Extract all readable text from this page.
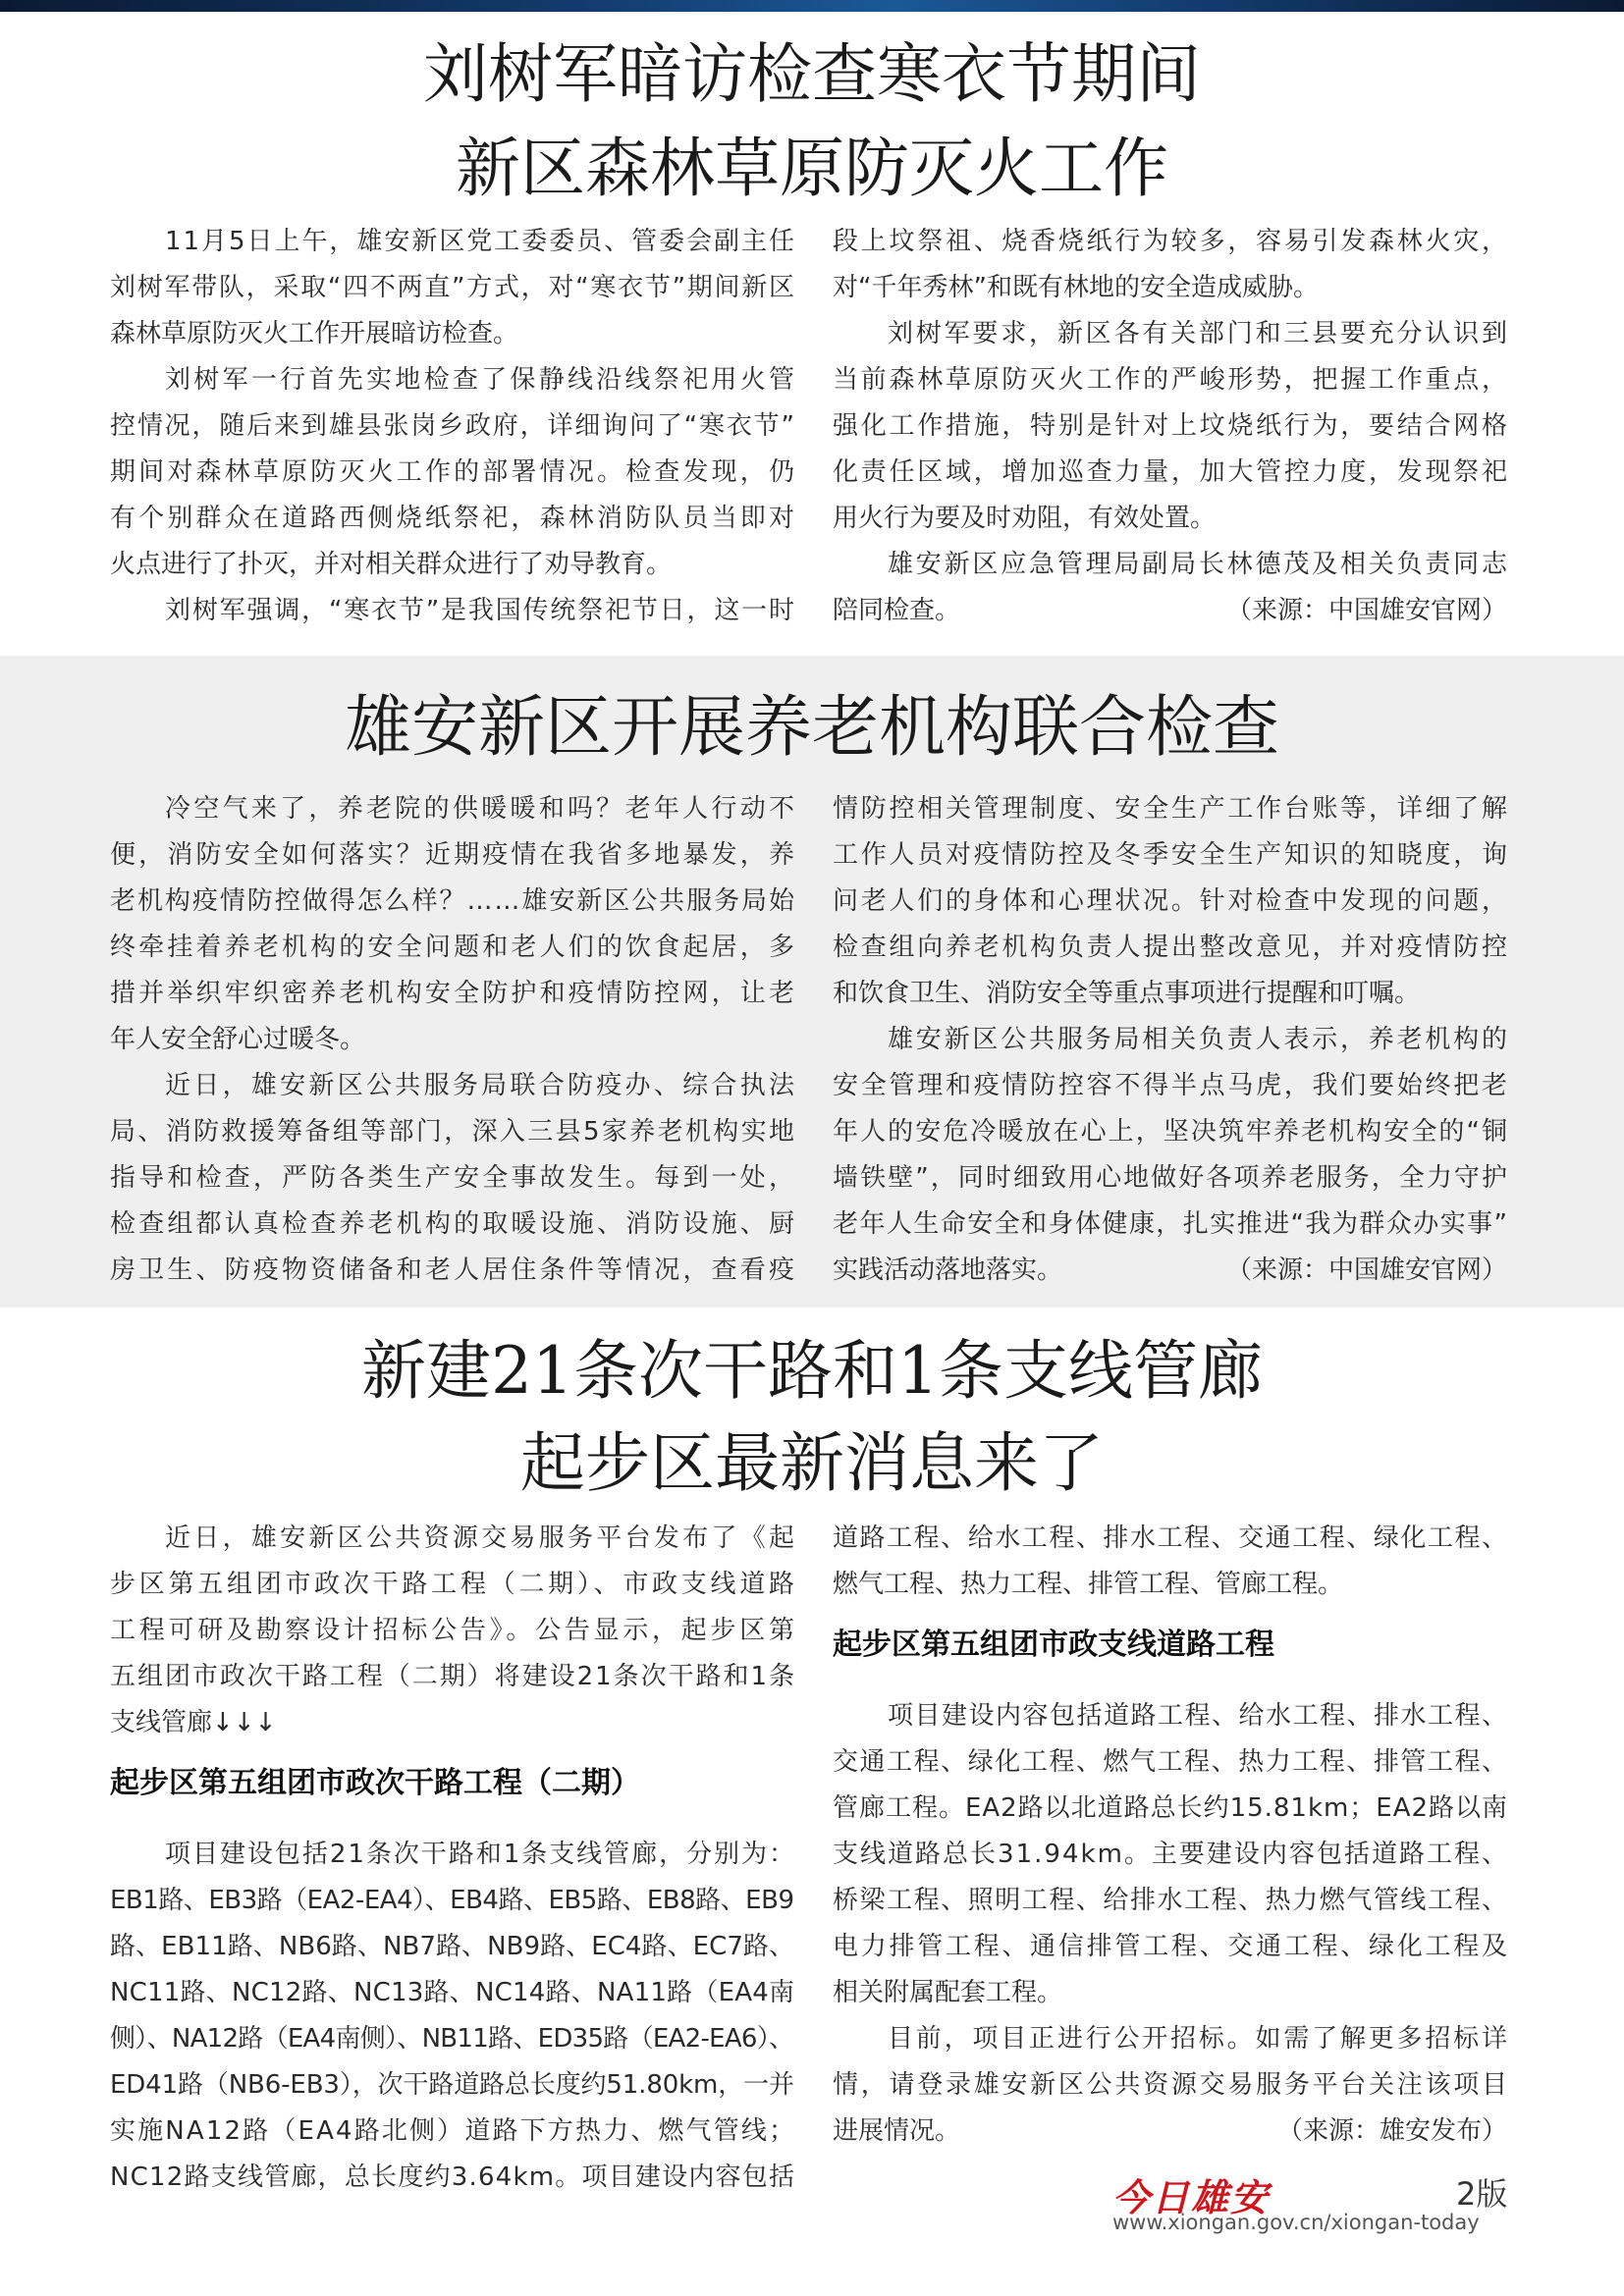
刘树军暗访检查寒衣节期间
新区森林草原防灭火工作
11月5日上午，雄安新区党工委委员、管委会副主任
刘树军带队，采取“四不两直”方式，对“寒衣节”期间新区
森林草原防灭火工作开展暗访检查。
刘树军一行首先实地检查了保静线沿线祭祀用火管
控情况，随后来到雄县张岗乡政府，详细询问了“寒衣节”
期间对森林草原防灭火工作的部署情况。检查发现，仍
有个别群众在道路西侧烧纸祭祀，森林消防队员当即对
火点进行了扑灭，并对相关群众进行了劝导教育。
刘树军强调，“寒衣节”是我国传统祭祀节日，这一时
段上坟祭祖、烧香烧纸行为较多，容易引发森林火灾，
对“千年秀林”和既有林地的安全造成威胁。
刘树军要求，新区各有关部门和三县要充分认识到
当前森林草原防灭火工作的严峻形势，把握工作重点，
强化工作措施，特别是针对上坟烧纸行为，要结合网格
化责任区域，增加巡查力量，加大管控力度，发现祭祀
用火行为要及时劝阻，有效处置。
雄安新区应急管理局副局长林德茂及相关负责同志
陪同检查。	（来源：中国雄安官网）
雄安新区开展养老机构联合检查
冷空气来了，养老院的供暖暖和吗？老年人行动不
便，消防安全如何落实？近期疫情在我省多地暴发，养
老机构疫情防控做得怎么样？……雄安新区公共服务局始
终牵挂着养老机构的安全问题和老人们的饮食起居，多
措并举织牢织密养老机构安全防护和疫情防控网，让老
年人安全舒心过暖冬。
近日，雄安新区公共服务局联合防疫办、综合执法
局、消防救援筹备组等部门，深入三县5家养老机构实地
指导和检查，严防各类生产安全事故发生。每到一处，
检查组都认真检查养老机构的取暖设施、消防设施、厨
房卫生、防疫物资储备和老人居住条件等情况，查看疫
情防控相关管理制度、安全生产工作台账等，详细了解
工作人员对疫情防控及冬季安全生产知识的知晓度，询
问老人们的身体和心理状况。针对检查中发现的问题，
检查组向养老机构负责人提出整改意见，并对疫情防控
和饮食卫生、消防安全等重点事项进行提醒和叮嘱。
雄安新区公共服务局相关负责人表示，养老机构的
安全管理和疫情防控容不得半点马虎，我们要始终把老
年人的安危冷暖放在心上，坚决筑牢养老机构安全的“铜
墙铁壁”，同时细致用心地做好各项养老服务，全力守护
老年人生命安全和身体健康，扎实推进“我为群众办实事”
实践活动落地落实。	（来源：中国雄安官网）
新建21条次干路和1条支线管廊
起步区最新消息来了
近日，雄安新区公共资源交易服务平台发布了《起
步区第五组团市政次干路工程（二期）、市政支线道路
工程可研及勘察设计招标公告》。公告显示，起步区第
五组团市政次干路工程（二期）将建设21条次干路和1条
支线管廊↓↓↓
起步区第五组团市政次干路工程（二期）
项目建设包括21条次干路和1条支线管廊，分别为：
EB1路、EB3路（EA2-EA4）、EB4路、EB5路、EB8路、EB9
路、EB11路、NB6路、NB7路、NB9路、EC4路、EC7路、
NC11路、NC12路、NC13路、NC14路、NA11路（EA4南
侧）、NA12路（EA4南侧）、NB11路、ED35路（EA2-EA6）、
ED41路（NB6-EB3），次干路道路总长度约51.80km，一并
实施NA12路（EA4路北侧）道路下方热力、燃气管线；
NC12路支线管廊，总长度约3.64km。项目建设内容包括
道路工程、给水工程、排水工程、交通工程、绿化工程、
燃气工程、热力工程、排管工程、管廊工程。
起步区第五组团市政支线道路工程
项目建设内容包括道路工程、给水工程、排水工程、
交通工程、绿化工程、燃气工程、热力工程、排管工程、
管廊工程。EA2路以北道路总长约15.81km；EA2路以南
支线道路总长31.94km。主要建设内容包括道路工程、
桥梁工程、照明工程、给排水工程、热力燃气管线工程、
电力排管工程、通信排管工程、交通工程、绿化工程及
相关附属配套工程。
目前，项目正进行公开招标。如需了解更多招标详
情，请登录雄安新区公共资源交易服务平台关注该项目
进展情况。	（来源：雄安发布）
今日雄安	2版
www.xiongan.gov.cn/xiongan-today
